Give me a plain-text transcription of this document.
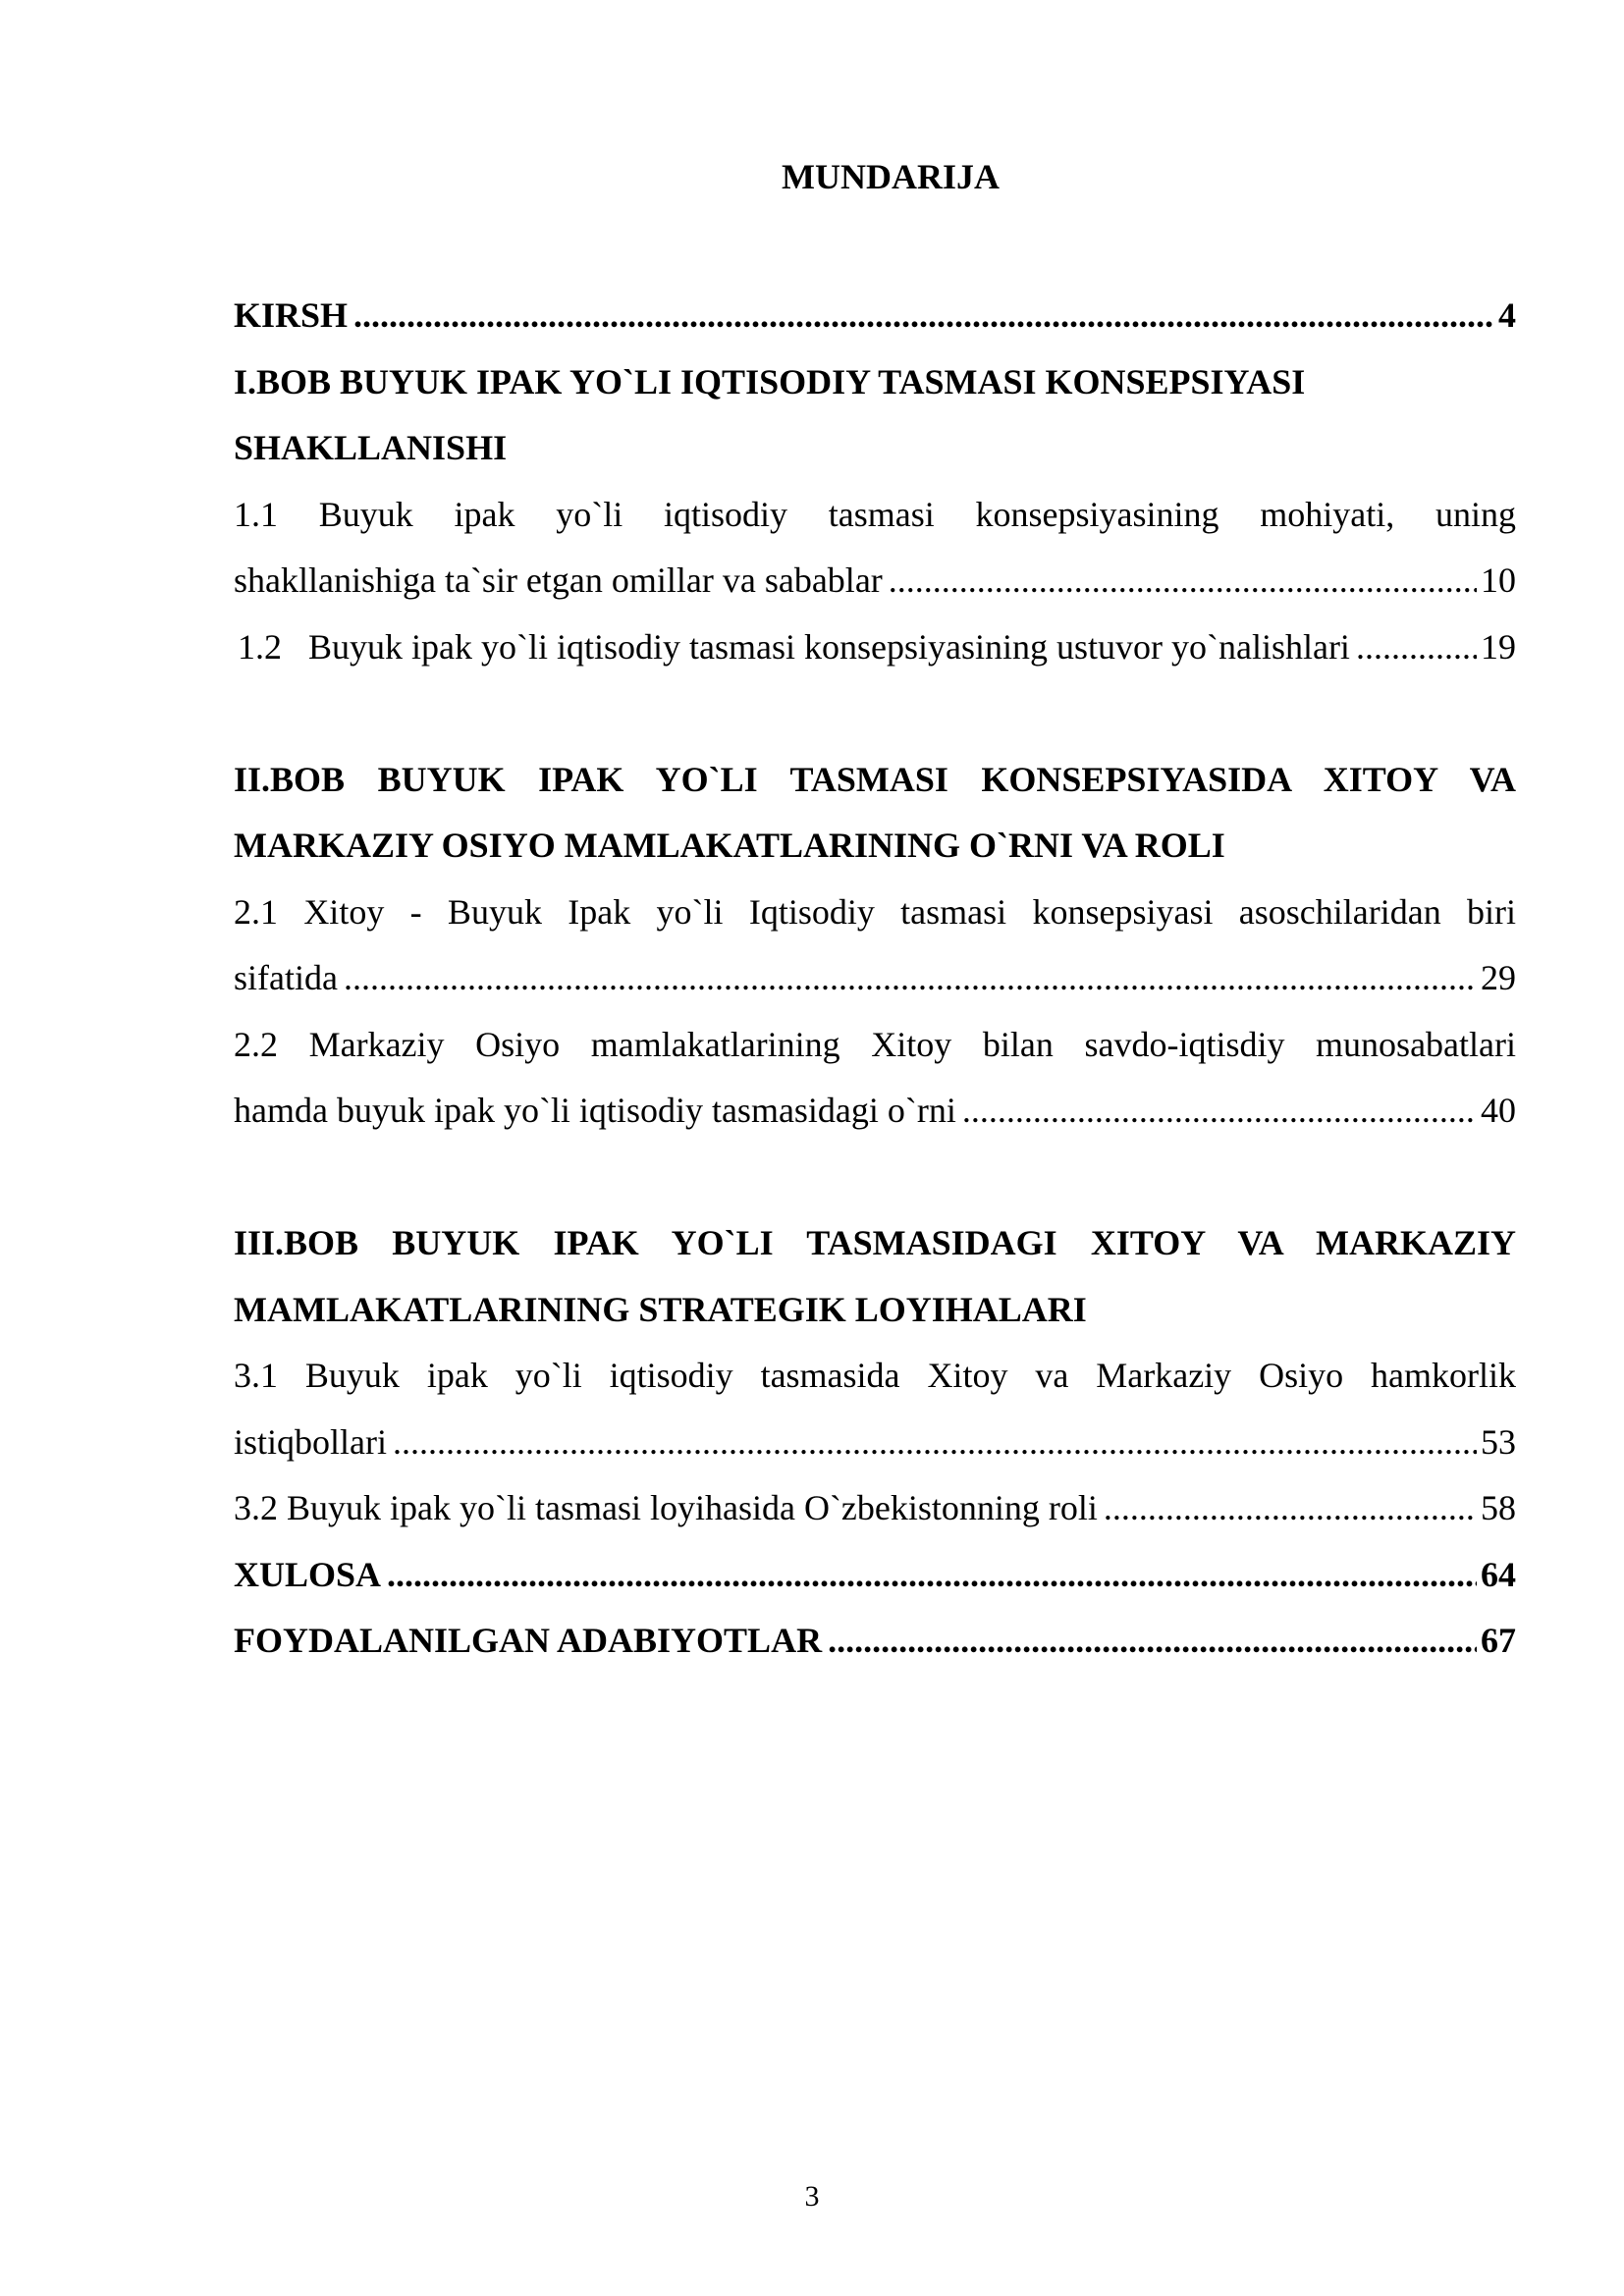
MUNDARIJA
KIRSH .....	4
I.BOB BUYUK IPAK YO`LI IQTISODIY TASMASI KONSEPSIYASI
SHAKLLANISHI
1.1 Buyuk ipak yo`li iqtisodiy tasmasi konsepsiyasining mohiyati, uning
shakllanishiga ta`sir etgan omillar va sabablar .....	10
1.2 Buyuk ipak yo`li iqtisodiy tasmasi konsepsiyasining ustuvor yo`nalishlari .....	19
II.BOB BUYUK IPAK YO`LI TASMASI KONSEPSIYASIDA XITOY VA
MARKAZIY OSIYO MAMLAKATLARINING O`RNI VA ROLI
2.1 Xitoy - Buyuk Ipak yo`li Iqtisodiy tasmasi konsepsiyasi asoschilaridan biri
sifatida .....	29
2.2 Markaziy Osiyo mamlakatlarining Xitoy bilan savdo-iqtisdiy munosabatlari
hamda buyuk ipak yo`li iqtisodiy tasmasidagi o`rni .....	40
III.BOB BUYUK IPAK YO`LI TASMASIDAGI XITOY VA MARKAZIY
MAMLAKATLARINING STRATEGIK LOYIHALARI
3.1 Buyuk ipak yo`li iqtisodiy tasmasida Xitoy va Markaziy Osiyo hamkorlik
istiqbollari .....	53
3.2 Buyuk ipak yo`li tasmasi loyihasida O`zbekistonning roli .....	58
XULOSA .....	64
FOYDALANILGAN ADABIYOTLAR .....	67
3
